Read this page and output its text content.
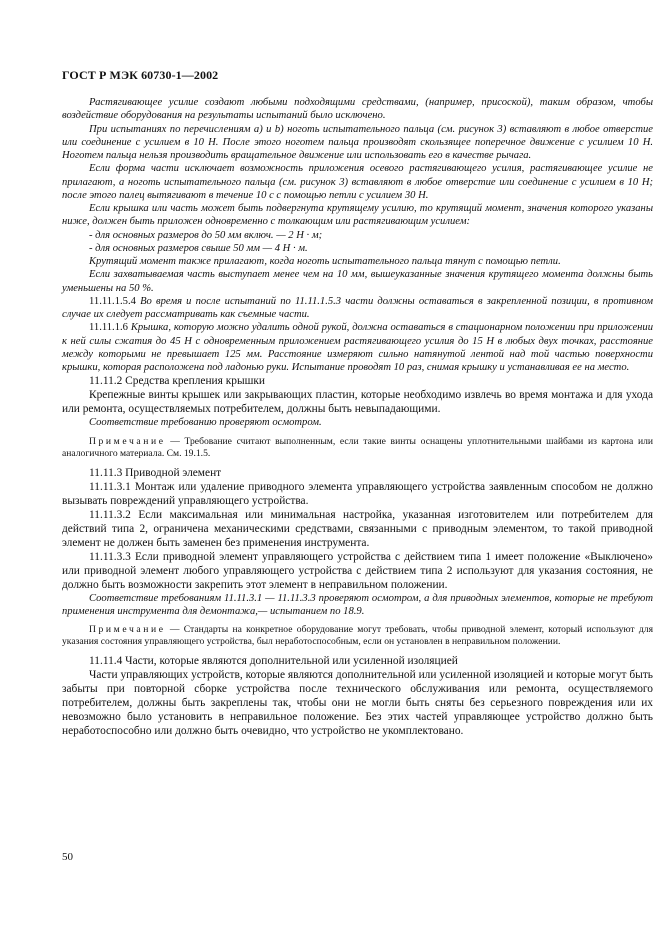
ГОСТ Р МЭК 60730-1—2002

Растягивающее усилие создают любыми подходящими средствами, (например, присоской), таким образом, чтобы воздействие оборудования на результаты испытаний было исключено.

При испытаниях по перечислениям a) и b) ноготь испытательного пальца (см. рисунок 3) вставляют в любое отверстие или соединение с усилием в 10 Н. После этого ноготем пальца производят скользящее поперечное движение с усилием 10 Н. Ноготем пальца нельзя производить вращательное движение или использовать его в качестве рычага.

Если форма части исключает возможность приложения осевого растягивающего усилия, растягивающее усилие не прилагают, а ноготь испытательного пальца (см. рисунок 3) вставляют в любое отверстие или соединение с усилием в 10 Н; после этого палец вытягивают в течение 10 с с помощью петли с усилием 30 Н.

Если крышка или часть может быть подвергнута крутящему усилию, то крутящий момент, значения которого указаны ниже, должен быть приложен одновременно с толкающим или растягивающим усилием:

- для основных размеров до 50 мм включ. — 2 Н · м;

- для основных размеров свыше 50 мм — 4 Н · м.

Крутящий момент также прилагают, когда ноготь испытательного пальца тянут с помощью петли.

Если захватываемая часть выступает менее чем на 10 мм, вышеуказанные значения крутящего момента должны быть уменьшены на 50 %.

11.11.1.5.4 Во время и после испытаний по 11.11.1.5.3 части должны оставаться в закрепленной позиции, в противном случае их следует рассматривать как съемные части.

11.11.1.6 Крышка, которую можно удалить одной рукой, должна оставаться в стационарном положении при приложении к ней силы сжатия до 45 Н с одновременным приложением растягивающего усилия до 15 Н в любых двух точках, расстояние между которыми не превышает 125 мм. Расстояние измеряют сильно натянутой лентой над той частью поверхности крышки, которая расположена под ладонью руки. Испытание проводят 10 раз, снимая крышку и устанавливая ее на место.

11.11.2 Средства крепления крышки

Крепежные винты крышек или закрывающих пластин, которые необходимо извлечь во время монтажа и для ухода или ремонта, осуществляемых потребителем, должны быть невыпадающими.

Соответствие требованию проверяют осмотром.

Примечание — Требование считают выполненным, если такие винты оснащены уплотнительными шайбами из картона или аналогичного материала. См. 19.1.5.

11.11.3 Приводной элемент

11.11.3.1 Монтаж или удаление приводного элемента управляющего устройства заявленным способом не должно вызывать повреждений управляющего устройства.

11.11.3.2 Если максимальная или минимальная настройка, указанная изготовителем или потребителем для действий типа 2, ограничена механическими средствами, связанными с приводным элементом, то такой приводной элемент не должен быть заменен без применения инструмента.

11.11.3.3 Если приводной элемент управляющего устройства с действием типа 1 имеет положение «Выключено» или приводной элемент любого управляющего устройства с действием типа 2 используют для указания состояния, не должно быть возможности закрепить этот элемент в неправильном положении.

Соответствие требованиям 11.11.3.1 — 11.11.3.3 проверяют осмотром, а для приводных элементов, которые не требуют применения инструмента для демонтажа,— испытанием по 18.9.

Примечание — Стандарты на конкретное оборудование могут требовать, чтобы приводной элемент, который используют для указания состояния управляющего устройства, был неработоспособным, если он установлен в неправильном положении.

11.11.4 Части, которые являются дополнительной или усиленной изоляцией

Части управляющих устройств, которые являются дополнительной или усиленной изоляцией и которые могут быть забыты при повторной сборке устройства после технического обслуживания или ремонта, осуществляемого потребителем, должны быть закреплены так, чтобы они не могли быть сняты без серьезного повреждения или их невозможно было установить в неправильное положение. Без этих частей управляющее устройство должно быть неработоспособно или должно быть очевидно, что устройство не укомплектовано.

50
